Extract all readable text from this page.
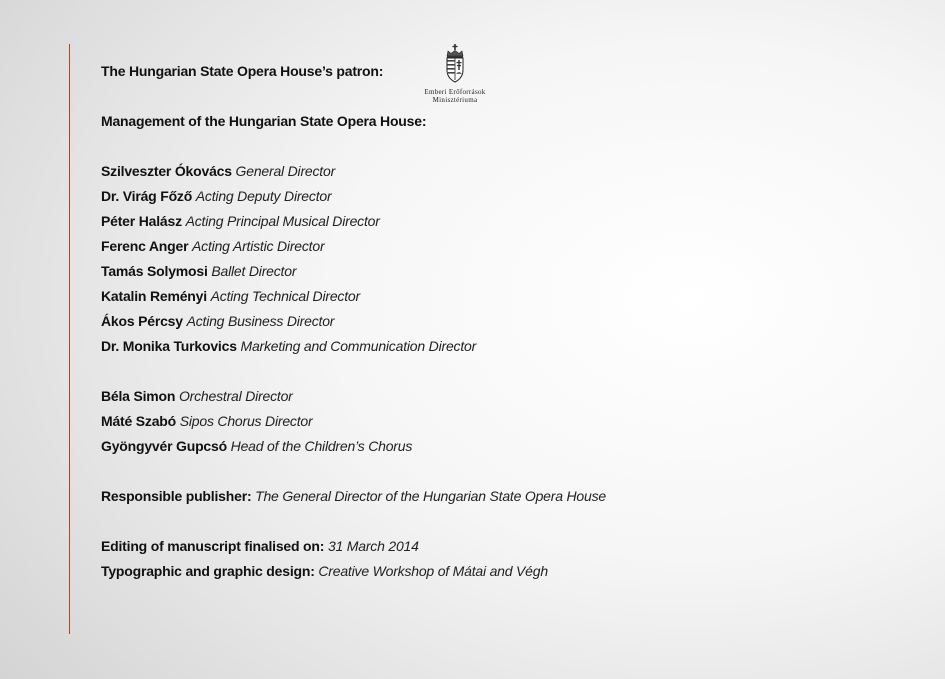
Emberi Erőforrások
Minisztériuma
The Hungarian State Opera House’s patron:
Management of the Hungarian State Opera House:
Szilveszter Ókovács General Director
Dr. Virág Főző Acting Deputy Director
Péter Halász Acting Principal Musical Director
Ferenc Anger Acting Artistic Director
Tamás Solymosi Ballet Director
Katalin Reményi Acting Technical Director
Ákos Pércsy Acting Business Director
Dr. Monika Turkovics Marketing and Communication Director
Béla Simon Orchestral Director
Máté Szabó Sipos Chorus Director
Gyöngyvér Gupcsó Head of the Children’s Chorus
Responsible publisher: The General Director of the Hungarian State Opera House
Editing of manuscript finalised on: 31 March 2014
Typographic and graphic design: Creative Workshop of Mátai and Végh
